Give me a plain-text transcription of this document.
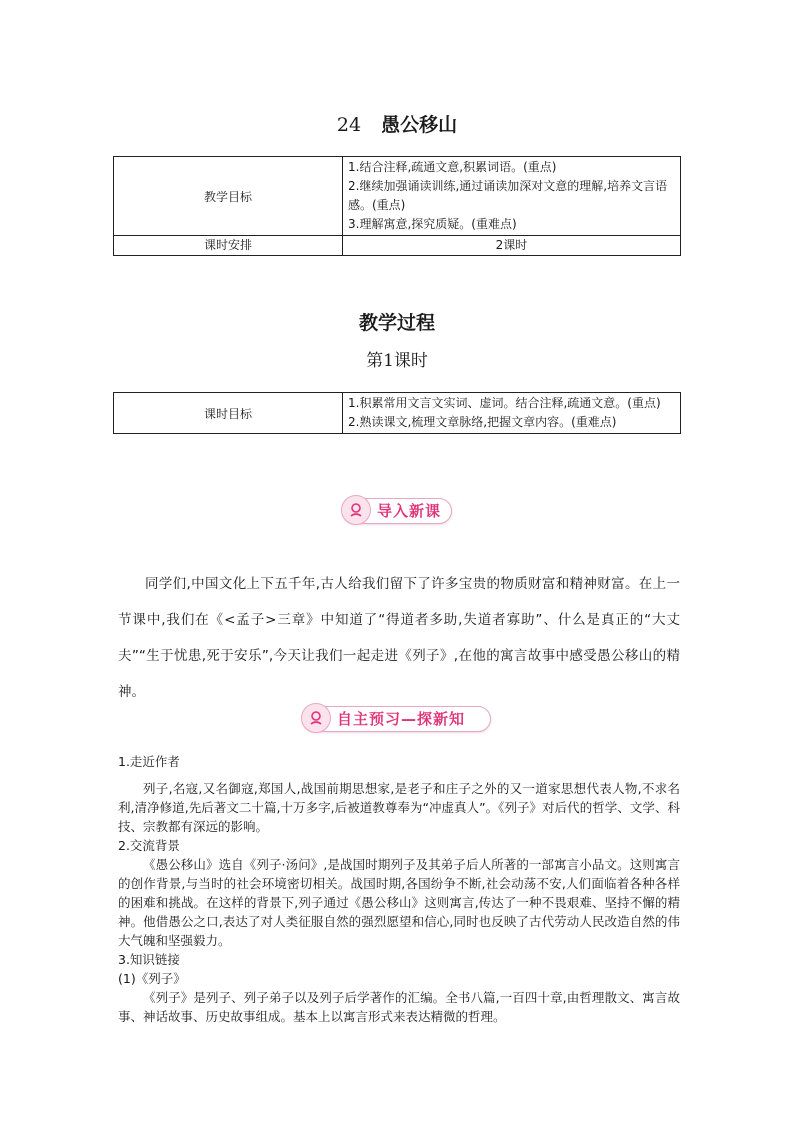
24 愚公移山
教学目标	1.结合注释,疏通文意,积累词语。(重点)
2.继续加强诵读训练,通过诵读加深对文意的理解,培养文言语感。(重点)
3.理解寓意,探究质疑。(重难点)

课时安排	2课时
教学过程
第1课时
课时目标	
1.积累常用文言文实词、虚词。结合注释,疏通文意。(重点)
2.熟读课文,梳理文章脉络,把握文章内容。(重难点)
导入新课

同学们,中国文化上下五千年,古人给我们留下了许多宝贵的物质财富和精神财富。在上一节课中,我们在《<孟子>三章》中知道了“得道者多助,失道者寡助”、什么是真正的“大丈夫”“生于忧患,死于安乐”,今天让我们一起走进《列子》,在他的寓言故事中感受愚公移山的精神。

自主预习—探新知

1.走近作者

列子,名寇,又名御寇,郑国人,战国前期思想家,是老子和庄子之外的又一道家思想代表人物,不求名利,清净修道,先后著文二十篇,十万多字,后被道教尊奉为“冲虚真人”。《列子》对后代的哲学、文学、科技、宗教都有深远的影响。

2.交流背景

《愚公移山》选自《列子·汤问》,是战国时期列子及其弟子后人所著的一部寓言小品文。这则寓言的创作背景,与当时的社会环境密切相关。战国时期,各国纷争不断,社会动荡不安,人们面临着各种各样的困难和挑战。在这样的背景下,列子通过《愚公移山》这则寓言,传达了一种不畏艰难、坚持不懈的精神。他借愚公之口,表达了对人类征服自然的强烈愿望和信心,同时也反映了古代劳动人民改造自然的伟大气魄和坚强毅力。

3.知识链接

(1)《列子》

《列子》是列子、列子弟子以及列子后学著作的汇编。全书八篇,一百四十章,由哲理散文、寓言故事、神话故事、历史故事组成。基本上以寓言形式来表达精微的哲理。
